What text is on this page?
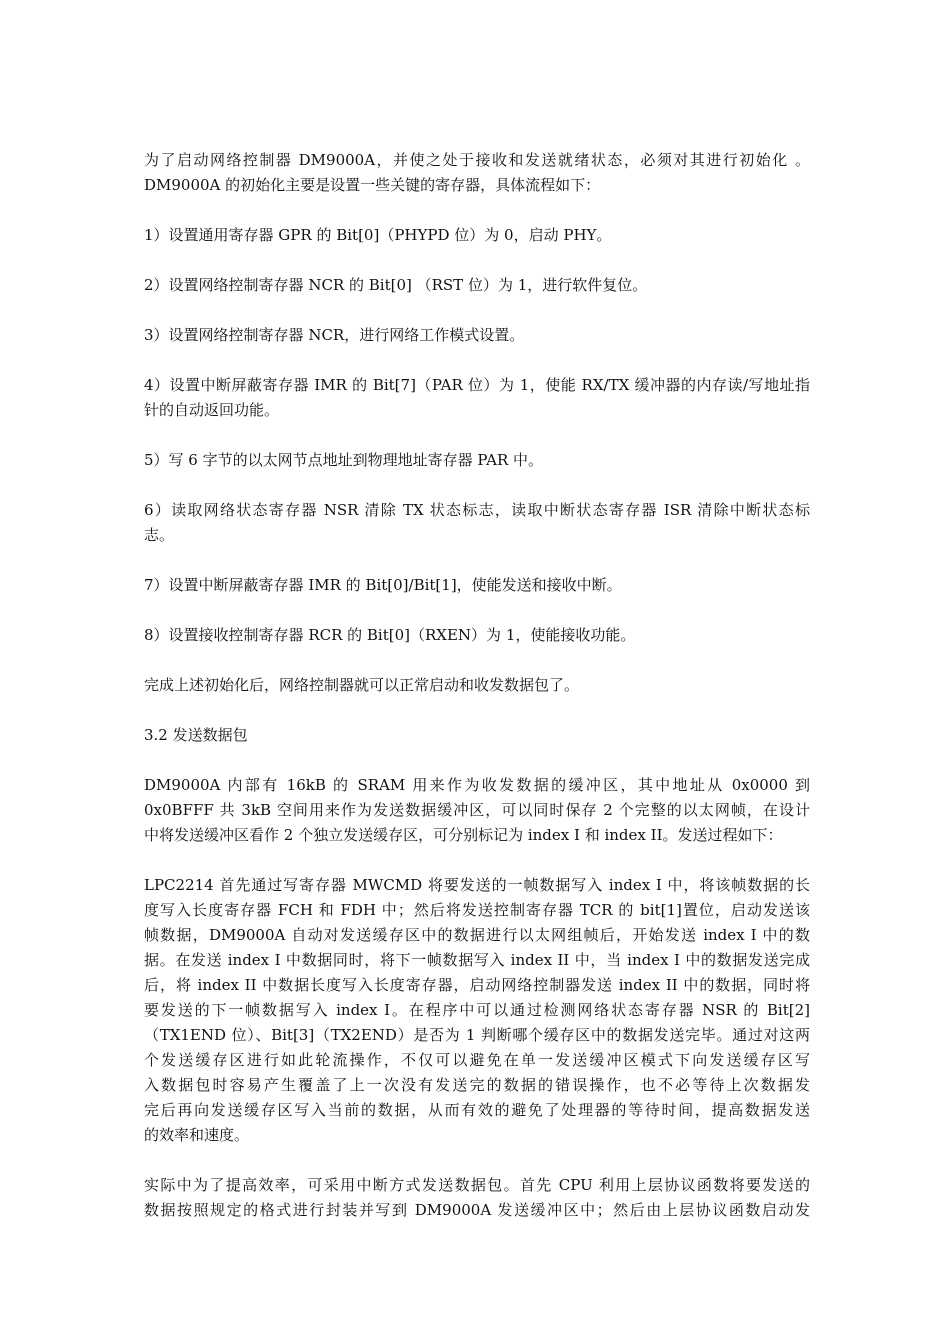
为了启动网络控制器 DM9000A，并使之处于接收和发送就绪状态，必须对其进行初始化 。
DM9000A 的初始化主要是设置一些关键的寄存器，具体流程如下：
1）设置通用寄存器 GPR 的 Bit[0]（PHYPD 位）为 0，启动 PHY。
2）设置网络控制寄存器 NCR 的 Bit[0] （RST 位）为 1，进行软件复位。
3）设置网络控制寄存器 NCR，进行网络工作模式设置。
4）设置中断屏蔽寄存器 IMR 的 Bit[7]（PAR 位）为 1，使能 RX/TX 缓冲器的内存读/写地址指
针的自动返回功能。
5）写 6 字节的以太网节点地址到物理地址寄存器 PAR 中。
6）读取网络状态寄存器 NSR 清除 TX 状态标志，读取中断状态寄存器 ISR 清除中断状态标
志。
7）设置中断屏蔽寄存器 IMR 的 Bit[0]/Bit[1]，使能发送和接收中断。
8）设置接收控制寄存器 RCR 的 Bit[0]（RXEN）为 1，使能接收功能。
完成上述初始化后，网络控制器就可以正常启动和收发数据包了。
3.2 发送数据包
DM9000A 内部有 16kB 的 SRAM 用来作为收发数据的缓冲区，其中地址从 0x0000 到
0x0BFFF 共 3kB 空间用来作为发送数据缓冲区，可以同时保存 2 个完整的以太网帧，在设计
中将发送缓冲区看作 2 个独立发送缓存区，可分别标记为 index I 和 index II。发送过程如下：
LPC2214 首先通过写寄存器 MWCMD 将要发送的一帧数据写入 index I 中，将该帧数据的长
度写入长度寄存器 FCH 和 FDH 中；然后将发送控制寄存器 TCR 的 bit[1]置位，启动发送该
帧数据，DM9000A 自动对发送缓存区中的数据进行以太网组帧后，开始发送 index I 中的数
据。在发送 index I 中数据同时，将下一帧数据写入 index II 中，当 index I 中的数据发送完成
后，将 index II 中数据长度写入长度寄存器，启动网络控制器发送 index II 中的数据，同时将
要发送的下一帧数据写入 index I。在程序中可以通过检测网络状态寄存器 NSR 的 Bit[2]
（TX1END 位）、Bit[3]（TX2END）是否为 1 判断哪个缓存区中的数据发送完毕。通过对这两
个发送缓存区进行如此轮流操作，不仅可以避免在单一发送缓冲区模式下向发送缓存区写
入数据包时容易产生覆盖了上一次没有发送完的数据的错误操作，也不必等待上次数据发
完后再向发送缓存区写入当前的数据，从而有效的避免了处理器的等待时间，提高数据发送
的效率和速度。
实际中为了提高效率，可采用中断方式发送数据包。首先 CPU 利用上层协议函数将要发送的
数据按照规定的格式进行封装并写到 DM9000A 发送缓冲区中；然后由上层协议函数启动发
